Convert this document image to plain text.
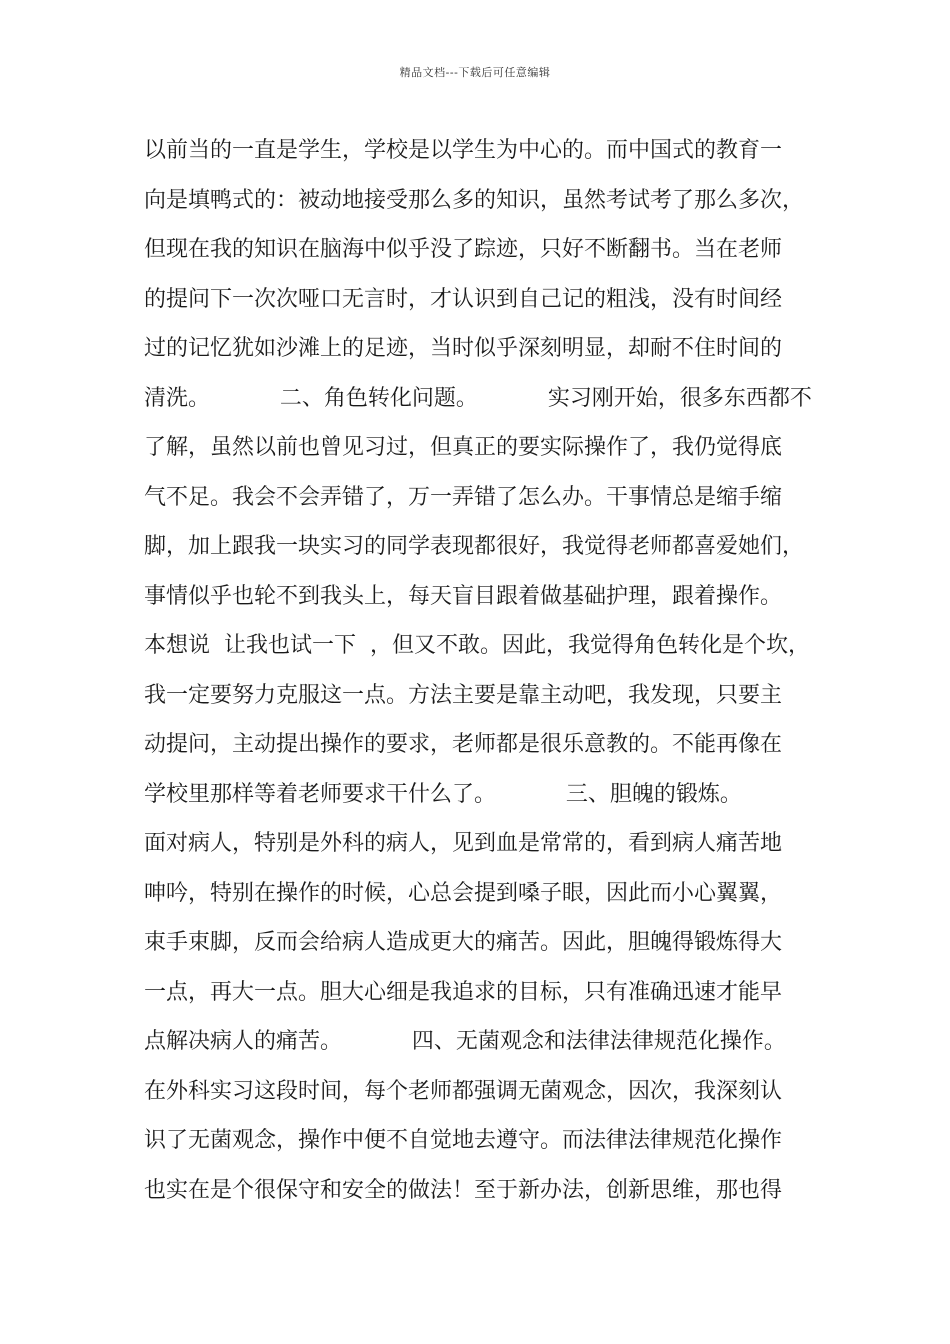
精品文档---下载后可任意编辑
以前当的一直是学生，学校是以学生为中心的。而中国式的教育一
向是填鸭式的：被动地接受那么多的知识，虽然考试考了那么多次，
但现在我的知识在脑海中似乎没了踪迹，只好不断翻书。当在老师
的提问下一次次哑口无言时，才认识到自己记的粗浅，没有时间经
过的记忆犹如沙滩上的足迹，当时似乎深刻明显，却耐不住时间的
清洗。          二、角色转化问题。          实习刚开始，很多东西都不
了解，虽然以前也曾见习过，但真正的要实际操作了，我仍觉得底
气不足。我会不会弄错了，万一弄错了怎么办。干事情总是缩手缩
脚，加上跟我一块实习的同学表现都很好，我觉得老师都喜爱她们，
事情似乎也轮不到我头上，每天盲目跟着做基础护理，跟着操作。
本想说  让我也试一下  ，但又不敢。因此，我觉得角色转化是个坎，
我一定要努力克服这一点。方法主要是靠主动吧，我发现，只要主
动提问，主动提出操作的要求，老师都是很乐意教的。不能再像在
学校里那样等着老师要求干什么了。          三、胆魄的锻炼。
面对病人，特别是外科的病人，见到血是常常的，看到病人痛苦地
呻吟，特别在操作的时候，心总会提到嗓子眼，因此而小心翼翼，
束手束脚，反而会给病人造成更大的痛苦。因此，胆魄得锻炼得大
一点，再大一点。胆大心细是我追求的目标，只有准确迅速才能早
点解决病人的痛苦。          四、无菌观念和法律法律规范化操作。
在外科实习这段时间，每个老师都强调无菌观念，因次，我深刻认
识了无菌观念，操作中便不自觉地去遵守。而法律法律规范化操作
也实在是个很保守和安全的做法！至于新办法，创新思维，那也得
